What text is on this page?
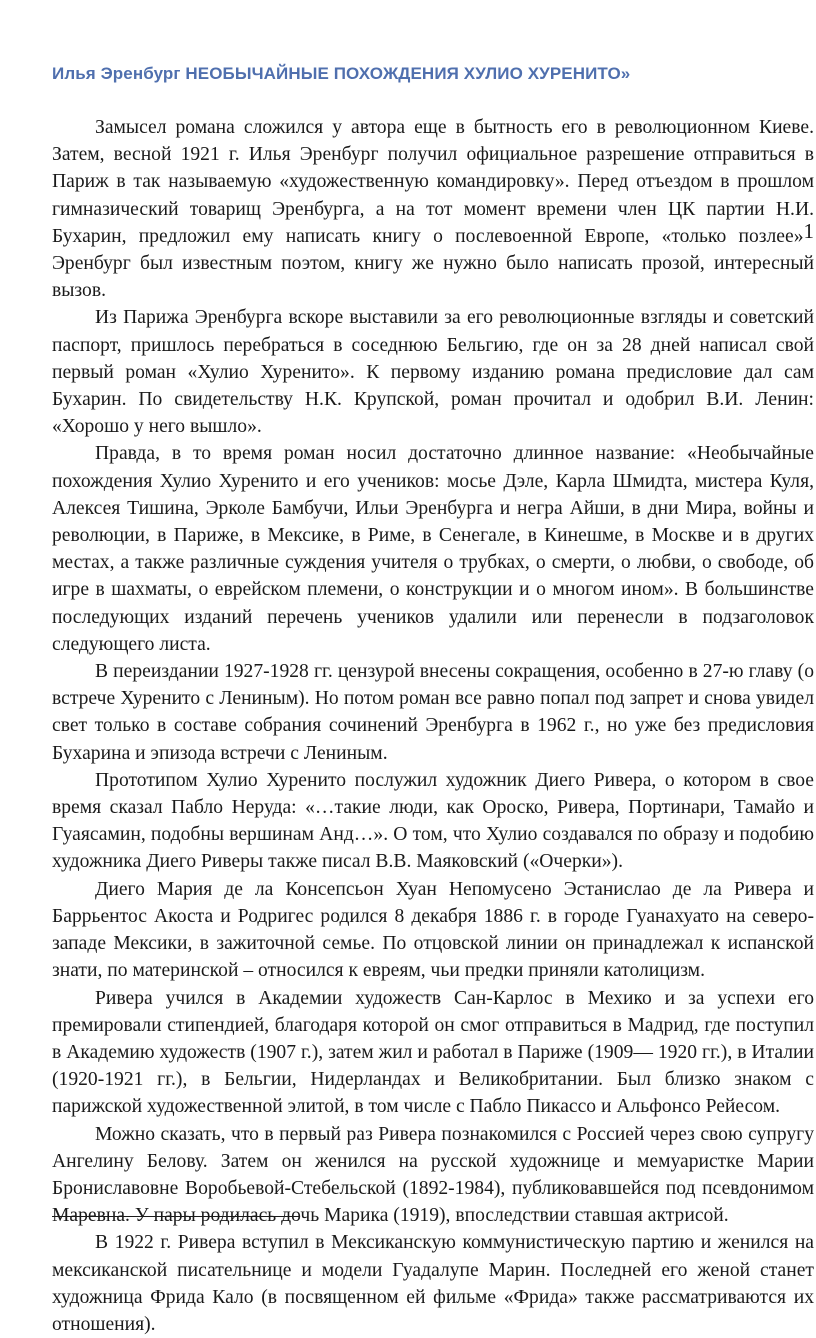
Илья Эренбург НЕОБЫЧАЙНЫЕ ПОХОЖДЕНИЯ ХУЛИО ХУРЕНИТО»

Замысел романа сложился у автора еще в бытность его в революционном Киеве. Затем, весной 1921 г. Илья Эренбург получил официальное разрешение отправиться в Париж в так называемую «художественную командировку». Перед отъездом в прошлом гимназический товарищ Эренбурга, а на тот момент времени член ЦК партии Н.И. Бухарин, предложил ему написать книгу о послевоенной Европе, «только позлее»$^1$ Эренбург был известным поэтом, книгу же нужно было написать прозой, интересный вызов.

Из Парижа Эренбурга вскоре выставили за его революционные взгляды и советский паспорт, пришлось перебраться в соседнюю Бельгию, где он за 28 дней написал свой первый роман «Хулио Хуренито». К первому изданию романа предисловие дал сам Бухарин. По свидетельству Н.К. Крупской, роман прочитал и одобрил В.И. Ленин: «Хорошо у него вышло».

Правда, в то время роман носил достаточно длинное название: «Необычайные похождения Хулио Хуренито и его учеников: мосье Дэле, Карла Шмидта, мистера Куля, Алексея Тишина, Эрколе Бамбучи, Ильи Эренбурга и негра Айши, в дни Мира, войны и революции, в Париже, в Мексике, в Риме, в Сенегале, в Кинешме, в Москве и в других местах, а также различные суждения учителя о трубках, о смерти, о любви, о свободе, об игре в шахматы, о еврейском племени, о конструкции и о многом ином». В большинстве последующих изданий перечень учеников удалили или перенесли в подзаголовок следующего листа.

В переиздании 1927-1928 гг. цензурой внесены сокращения, особенно в 27-ю главу (о встрече Хуренито с Лениным). Но потом роман все равно попал под запрет и снова увидел свет только в составе собрания сочинений Эренбурга в 1962 г., но уже без предисловия Бухарина и эпизода встречи с Лениным.

Прототипом Хулио Хуренито послужил художник Диего Ривера, о котором в свое время сказал Пабло Неруда: «…такие люди, как Ороско, Ривера, Портинари, Тамайо и Гуаясамин, подобны вершинам Анд…». О том, что Хулио создавался по образу и подобию художника Диего Риверы также писал В.В. Маяковский («Очерки»).

Диего Мария де ла Консепсьон Хуан Непомусено Эстанислао де ла Ривера и Баррьентос Акоста и Родригес родился 8 декабря 1886 г. в городе Гуанахуато на северо-западе Мексики, в зажиточной семье. По отцовской линии он принадлежал к испанской знати, по материнской – относился к евреям, чьи предки приняли католицизм.

Ривера учился в Академии художеств Сан-Карлос в Мехико и за успехи его премировали стипендией, благодаря которой он смог отправиться в Мадрид, где поступил в Академию художеств (1907 г.), затем жил и работал в Париже (1909— 1920 гг.), в Италии (1920-1921 гг.), в Бельгии, Нидерландах и Великобритании. Был близко знаком с парижской художественной элитой, в том числе с Пабло Пикассо и Альфонсо Рейесом.

Можно сказать, что в первый раз Ривера познакомился с Россией через свою супругу Ангелину Белову. Затем он женился на русской художнице и мемуаристке Марии Брониславовне Воробьевой-Стебельской (1892-1984), публиковавшейся под псевдонимом Маревна. У пары родилась дочь Марика (1919), впоследствии ставшая актрисой.

В 1922 г. Ривера вступил в Мексиканскую коммунистическую партию и женился на мексиканской писательнице и модели Гуадалупе Марин. Последней его женой станет художница Фрида Кало (в посвященном ей фильме «Фрида» также рассматриваются их отношения).
